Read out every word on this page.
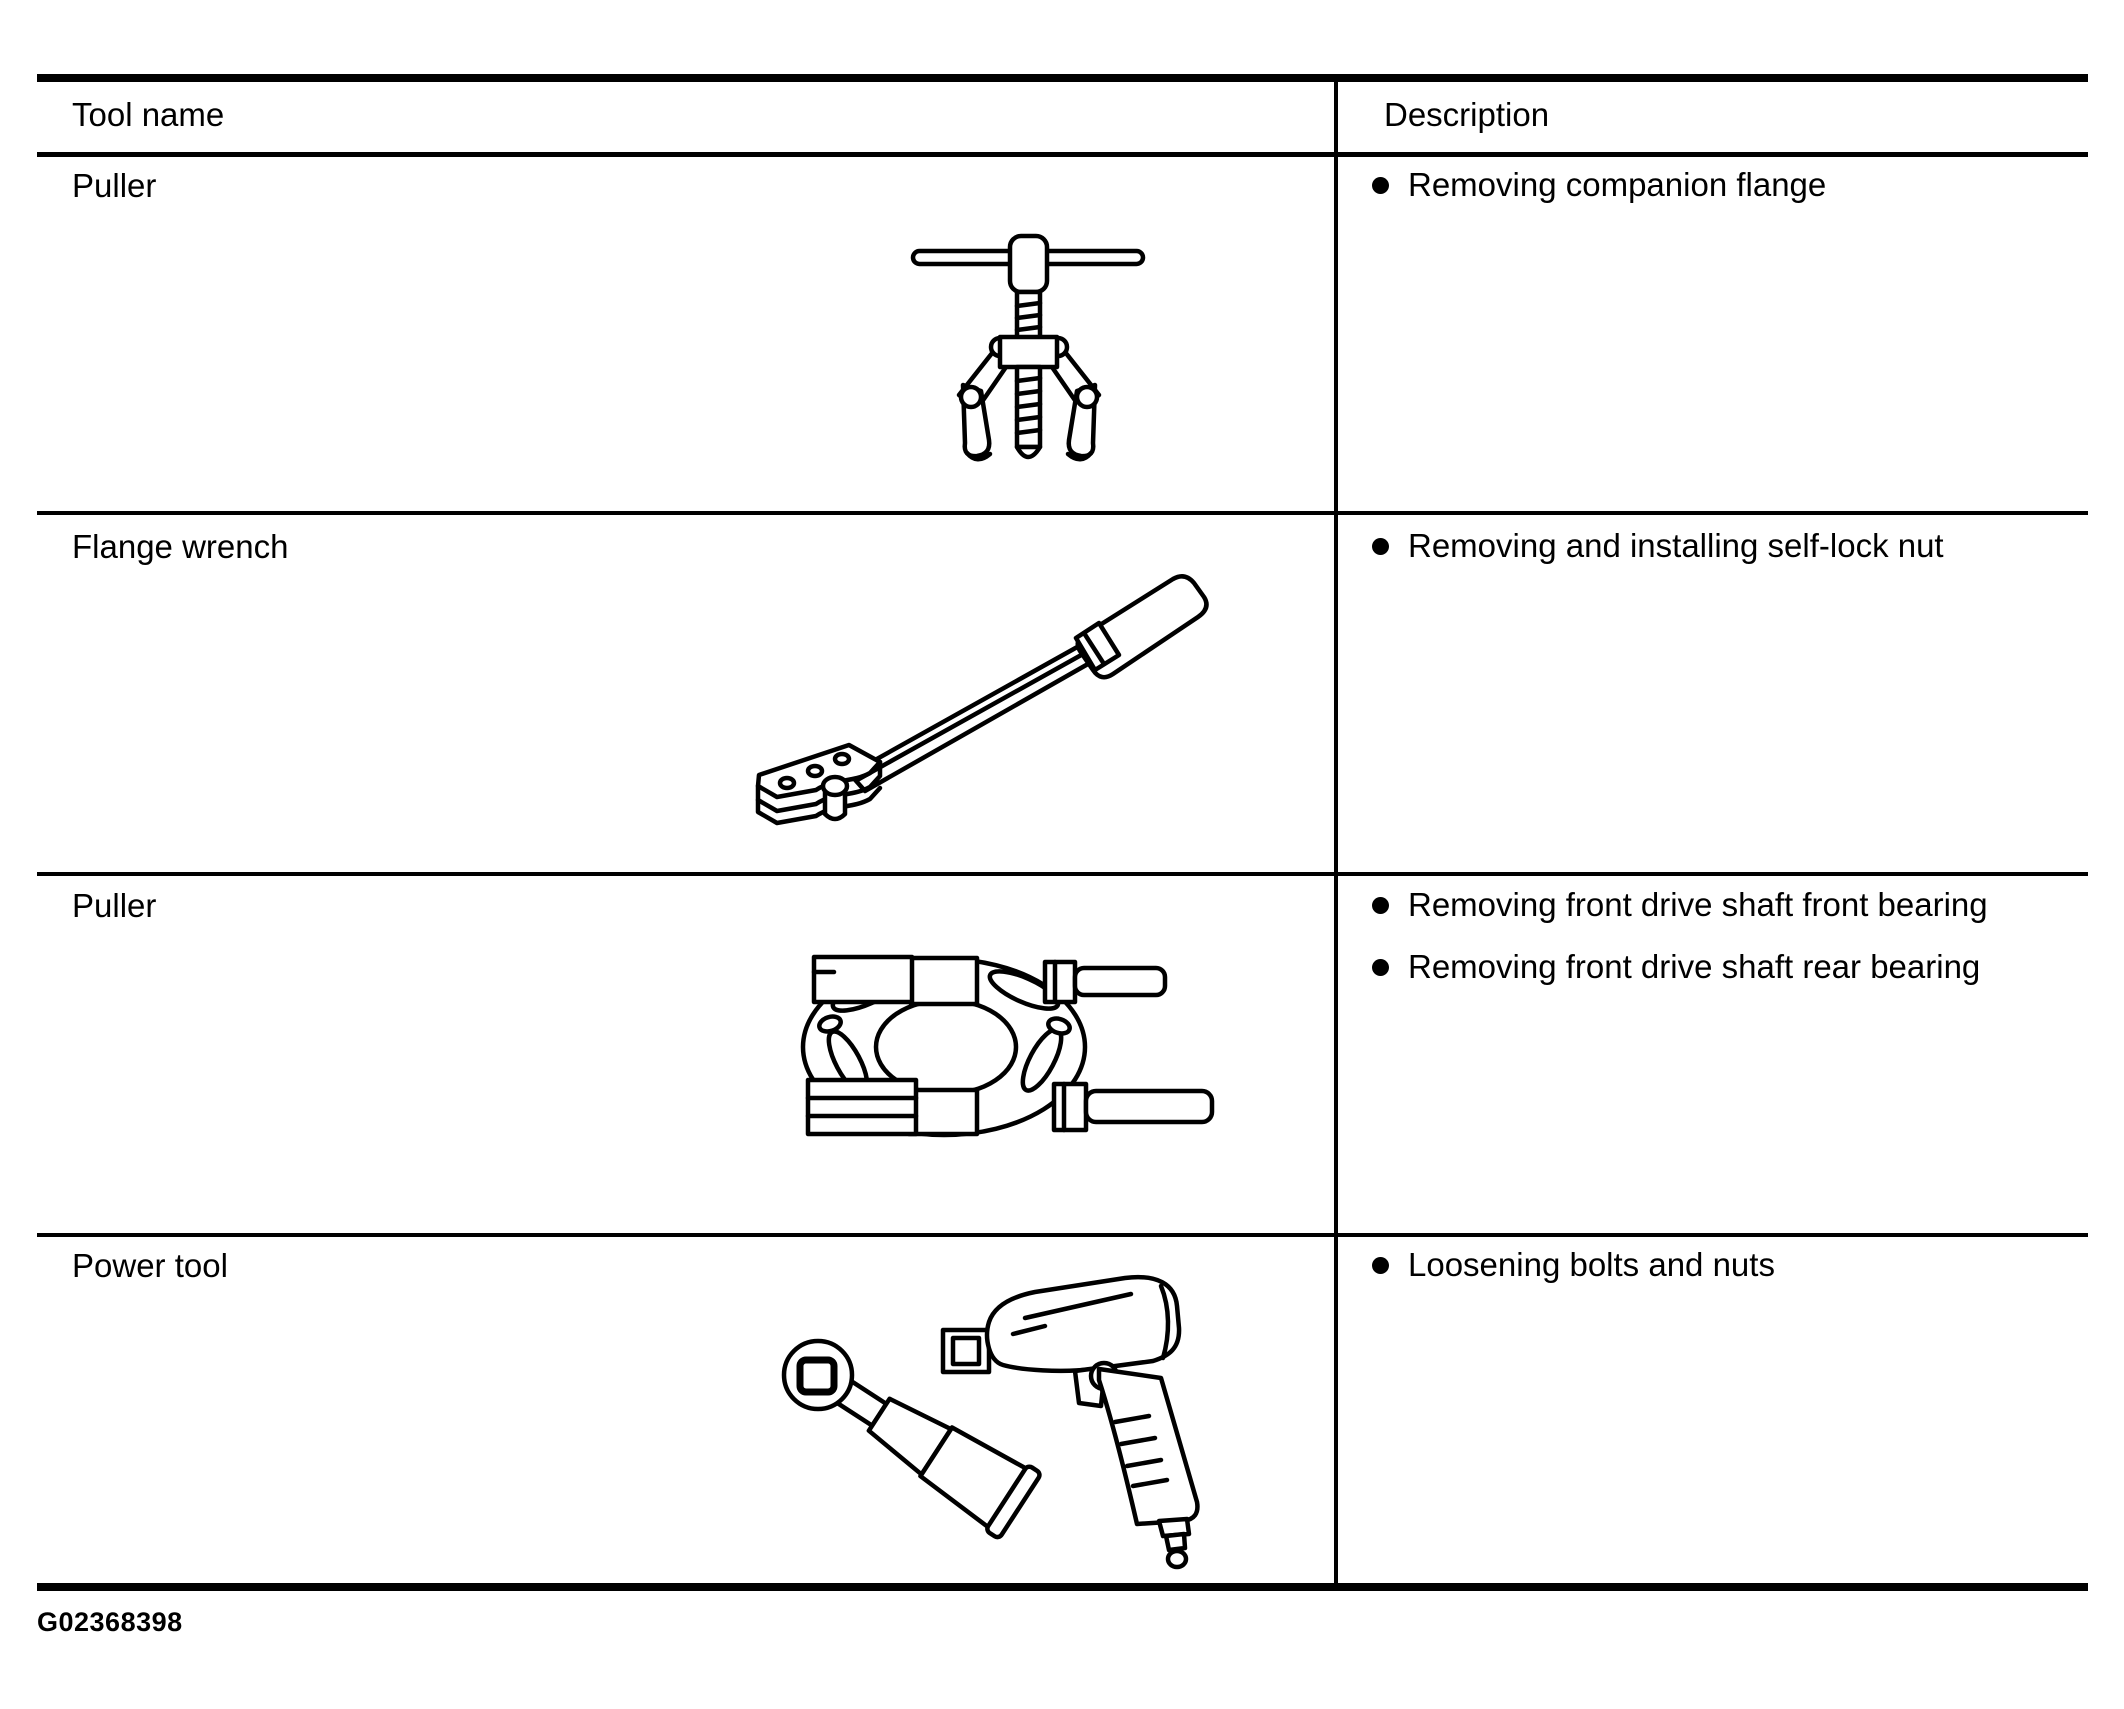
Tool name	Description
Puller	Removing companion flange
Flange wrench	Removing and installing self-lock nut
Puller	Removing front drive shaft front bearing
Removing front drive shaft rear bearing
Power tool	Loosening bolts and nuts
G02368398
